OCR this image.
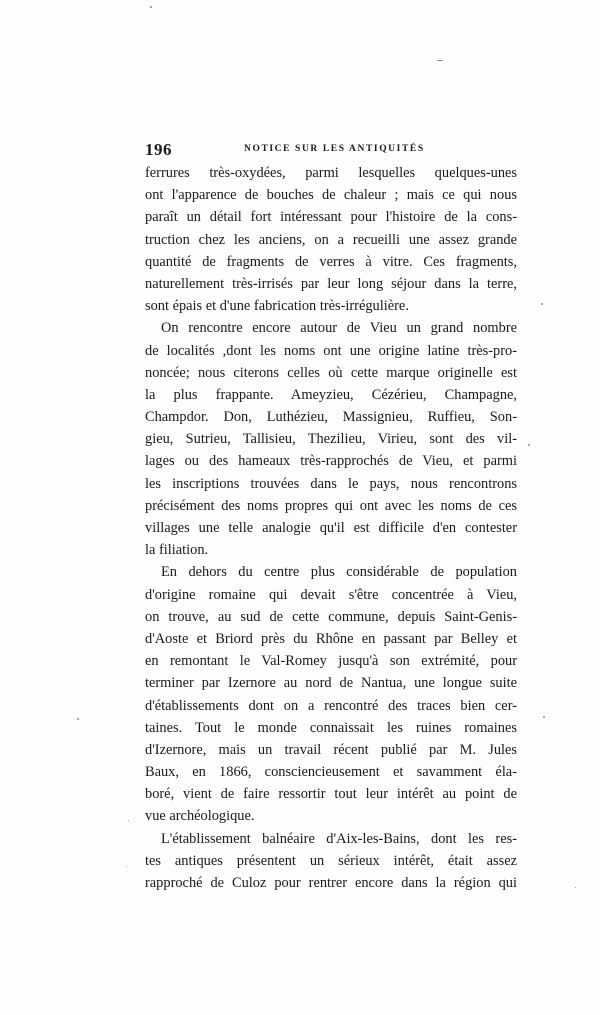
196	NOTICE SUR LES ANTIQUITÉS
ferrures très-oxydées, parmi lesquelles quelques-unes
ont l'apparence de bouches de chaleur ; mais ce qui nous
paraît un détail fort intéressant pour l'histoire de la cons-
truction chez les anciens, on a recueilli une assez grande
quantité de fragments de verres à vitre. Ces fragments,
naturellement très-irrisés par leur long séjour dans la terre,
sont épais et d'une fabrication très-irrégulière.
On rencontre encore autour de Vieu un grand nombre
de localités ,dont les noms ont une origine latine très-pro-
noncée; nous citerons celles où cette marque originelle est
la plus frappante. Ameyzieu, Cézérieu, Champagne,
Champdor. Don, Luthézieu, Massignieu, Ruffieu, Son-
gieu, Sutrieu, Tallisieu, Thezilieu, Virieu, sont des vil-
lages ou des hameaux très-rapprochés de Vieu, et parmi
les inscriptions trouvées dans le pays, nous rencontrons
précisément des noms propres qui ont avec les noms de ces
villages une telle analogie qu'il est difficile d'en contester
la filiation.
En dehors du centre plus considérable de population
d'origine romaine qui devait s'être concentrée à Vieu,
on trouve, au sud de cette commune, depuis Saint-Genis-
d'Aoste et Briord près du Rhône en passant par Belley et
en remontant le Val-Romey jusqu'à son extrémité, pour
terminer par Izernore au nord de Nantua, une longue suite
d'établissements dont on a rencontré des traces bien cer-
taines. Tout le monde connaissait les ruines romaines
d'Izernore, mais un travail récent publié par M. Jules
Baux, en 1866, consciencieusement et savamment éla-
boré, vient de faire ressortir tout leur intérêt au point de
vue archéologique.
L'établissement balnéaire d'Aix-les-Bains, dont les res-
tes antiques présentent un sérieux intérêt, était assez
rapproché de Culoz pour rentrer encore dans la région qui
